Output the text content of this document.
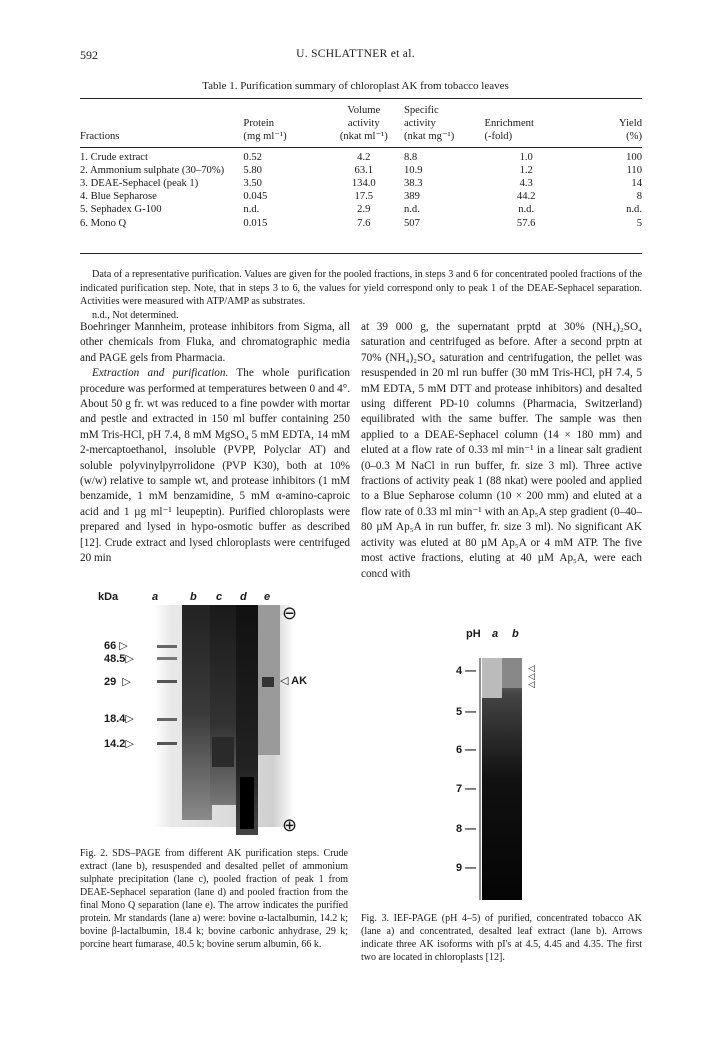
592	U. SCHLATTNER et al.
Table 1. Purification summary of chloroplast AK from tobacco leaves
		Volume	Specific		
	Protein	activity	activity	Enrichment	Yield
Fractions	(mg ml⁻¹)	(nkat ml⁻¹)	(nkat mg⁻¹)	(-fold)	(%)
1. Crude extract	0.52	4.2	8.8	1.0	100
2. Ammonium sulphate (30–70%)	5.80	63.1	10.9	1.2	110
3. DEAE-Sephacel (peak 1)	3.50	134.0	38.3	4.3	14
4. Blue Sepharose	0.045	17.5	389	44.2	8
5. Sephadex G-100	n.d.	2.9	n.d.	n.d.	n.d.
6. Mono Q	0.015	7.6	507	57.6	5

Data of a representative purification. Values are given for the pooled fractions, in steps 3 and 6 for concentrated pooled fractions of the indicated purification step. Note, that in steps 3 to 6, the values for yield correspond only to peak 1 of the DEAE-Sephacel separation. Activities were measured with ATP/AMP as substrates.

n.d., Not determined.

Boehringer Mannheim, protease inhibitors from Sigma, all other chemicals from Fluka, and chromatographic media and PAGE gels from Pharmacia.

Extraction and purification. The whole purification procedure was performed at temperatures between 0 and 4°. About 50 g fr. wt was reduced to a fine powder with mortar and pestle and extracted in 150 ml buffer containing 250 mM Tris-HCl, pH 7.4, 8 mM MgSO₄ 5 mM EDTA, 14 mM 2-mercaptoethanol, insoluble (PVPP, Polyclar AT) and soluble polyvinylpyrrolidone (PVP K30), both at 10% (w/w) relative to sample wt, and protease inhibitors (1 mM benzamide, 1 mM benzamidine, 5 mM α-amino-caproic acid and 1 µg ml⁻¹ leupeptin). Purified chloroplasts were prepared and lysed in hypo-osmotic buffer as described [12]. Crude extract and lysed chloroplasts were centrifuged 20 min

at 39 000 g, the supernatant prptd at 30% (NH₄)₂SO₄ saturation and centrifuged as before. After a second prptn at 70% (NH₄)₂SO₄ saturation and centrifugation, the pellet was resuspended in 20 ml run buffer (30 mM Tris-HCl, pH 7.4, 5 mM EDTA, 5 mM DTT and protease inhibitors) and desalted using different PD-10 columns (Pharmacia, Switzerland) equilibrated with the same buffer. The sample was then applied to a DEAE-Sephacel column (14 × 180 mm) and eluted at a flow rate of 0.33 ml min⁻¹ in a linear salt gradient (0–0.3 M NaCl in run buffer, fr. size 3 ml). Three active fractions of activity peak 1 (88 nkat) were pooled and applied to a Blue Sepharose column (10 × 200 mm) and eluted at a flow rate of 0.33 ml min⁻¹ with an Ap₅A step gradient (0–40–80 µM Ap₅A in run buffer, fr. size 3 ml). No significant AK activity was eluted at 80 µM Ap₅A or 4 mM ATP. The five most active fractions, eluting at 40 µM Ap₅A, were each concd with

kDa	a	b c d e
⊖
66 ▷
48.5▷
29  ▷
18.4▷
14.2▷
◁ AK
⊕
pH a b
4 —
5 —
6 —
7 —
8 —
9 —
◁
◁
◁

Fig. 2. SDS–PAGE from different AK purification steps. Crude extract (lane b), resuspended and desalted pellet of ammonium sulphate precipitation (lane c), pooled fraction of peak 1 from DEAE-Sephacel separation (lane d) and pooled fraction from the final Mono Q separation (lane e). The arrow indicates the purified protein. Mr standards (lane a) were: bovine α-lactalbumin, 14.2 k; bovine β-lactalbumin, 18.4 k; bovine carbonic anhydrase, 29 k; porcine heart fumarase, 40.5 k; bovine serum albumin, 66 k.

Fig. 3. IEF-PAGE (pH 4–5) of purified, concentrated tobacco AK (lane a) and concentrated, desalted leaf extract (lane b). Arrows indicate three AK isoforms with pI's at 4.5, 4.45 and 4.35. The first two are located in chloroplasts [12].
